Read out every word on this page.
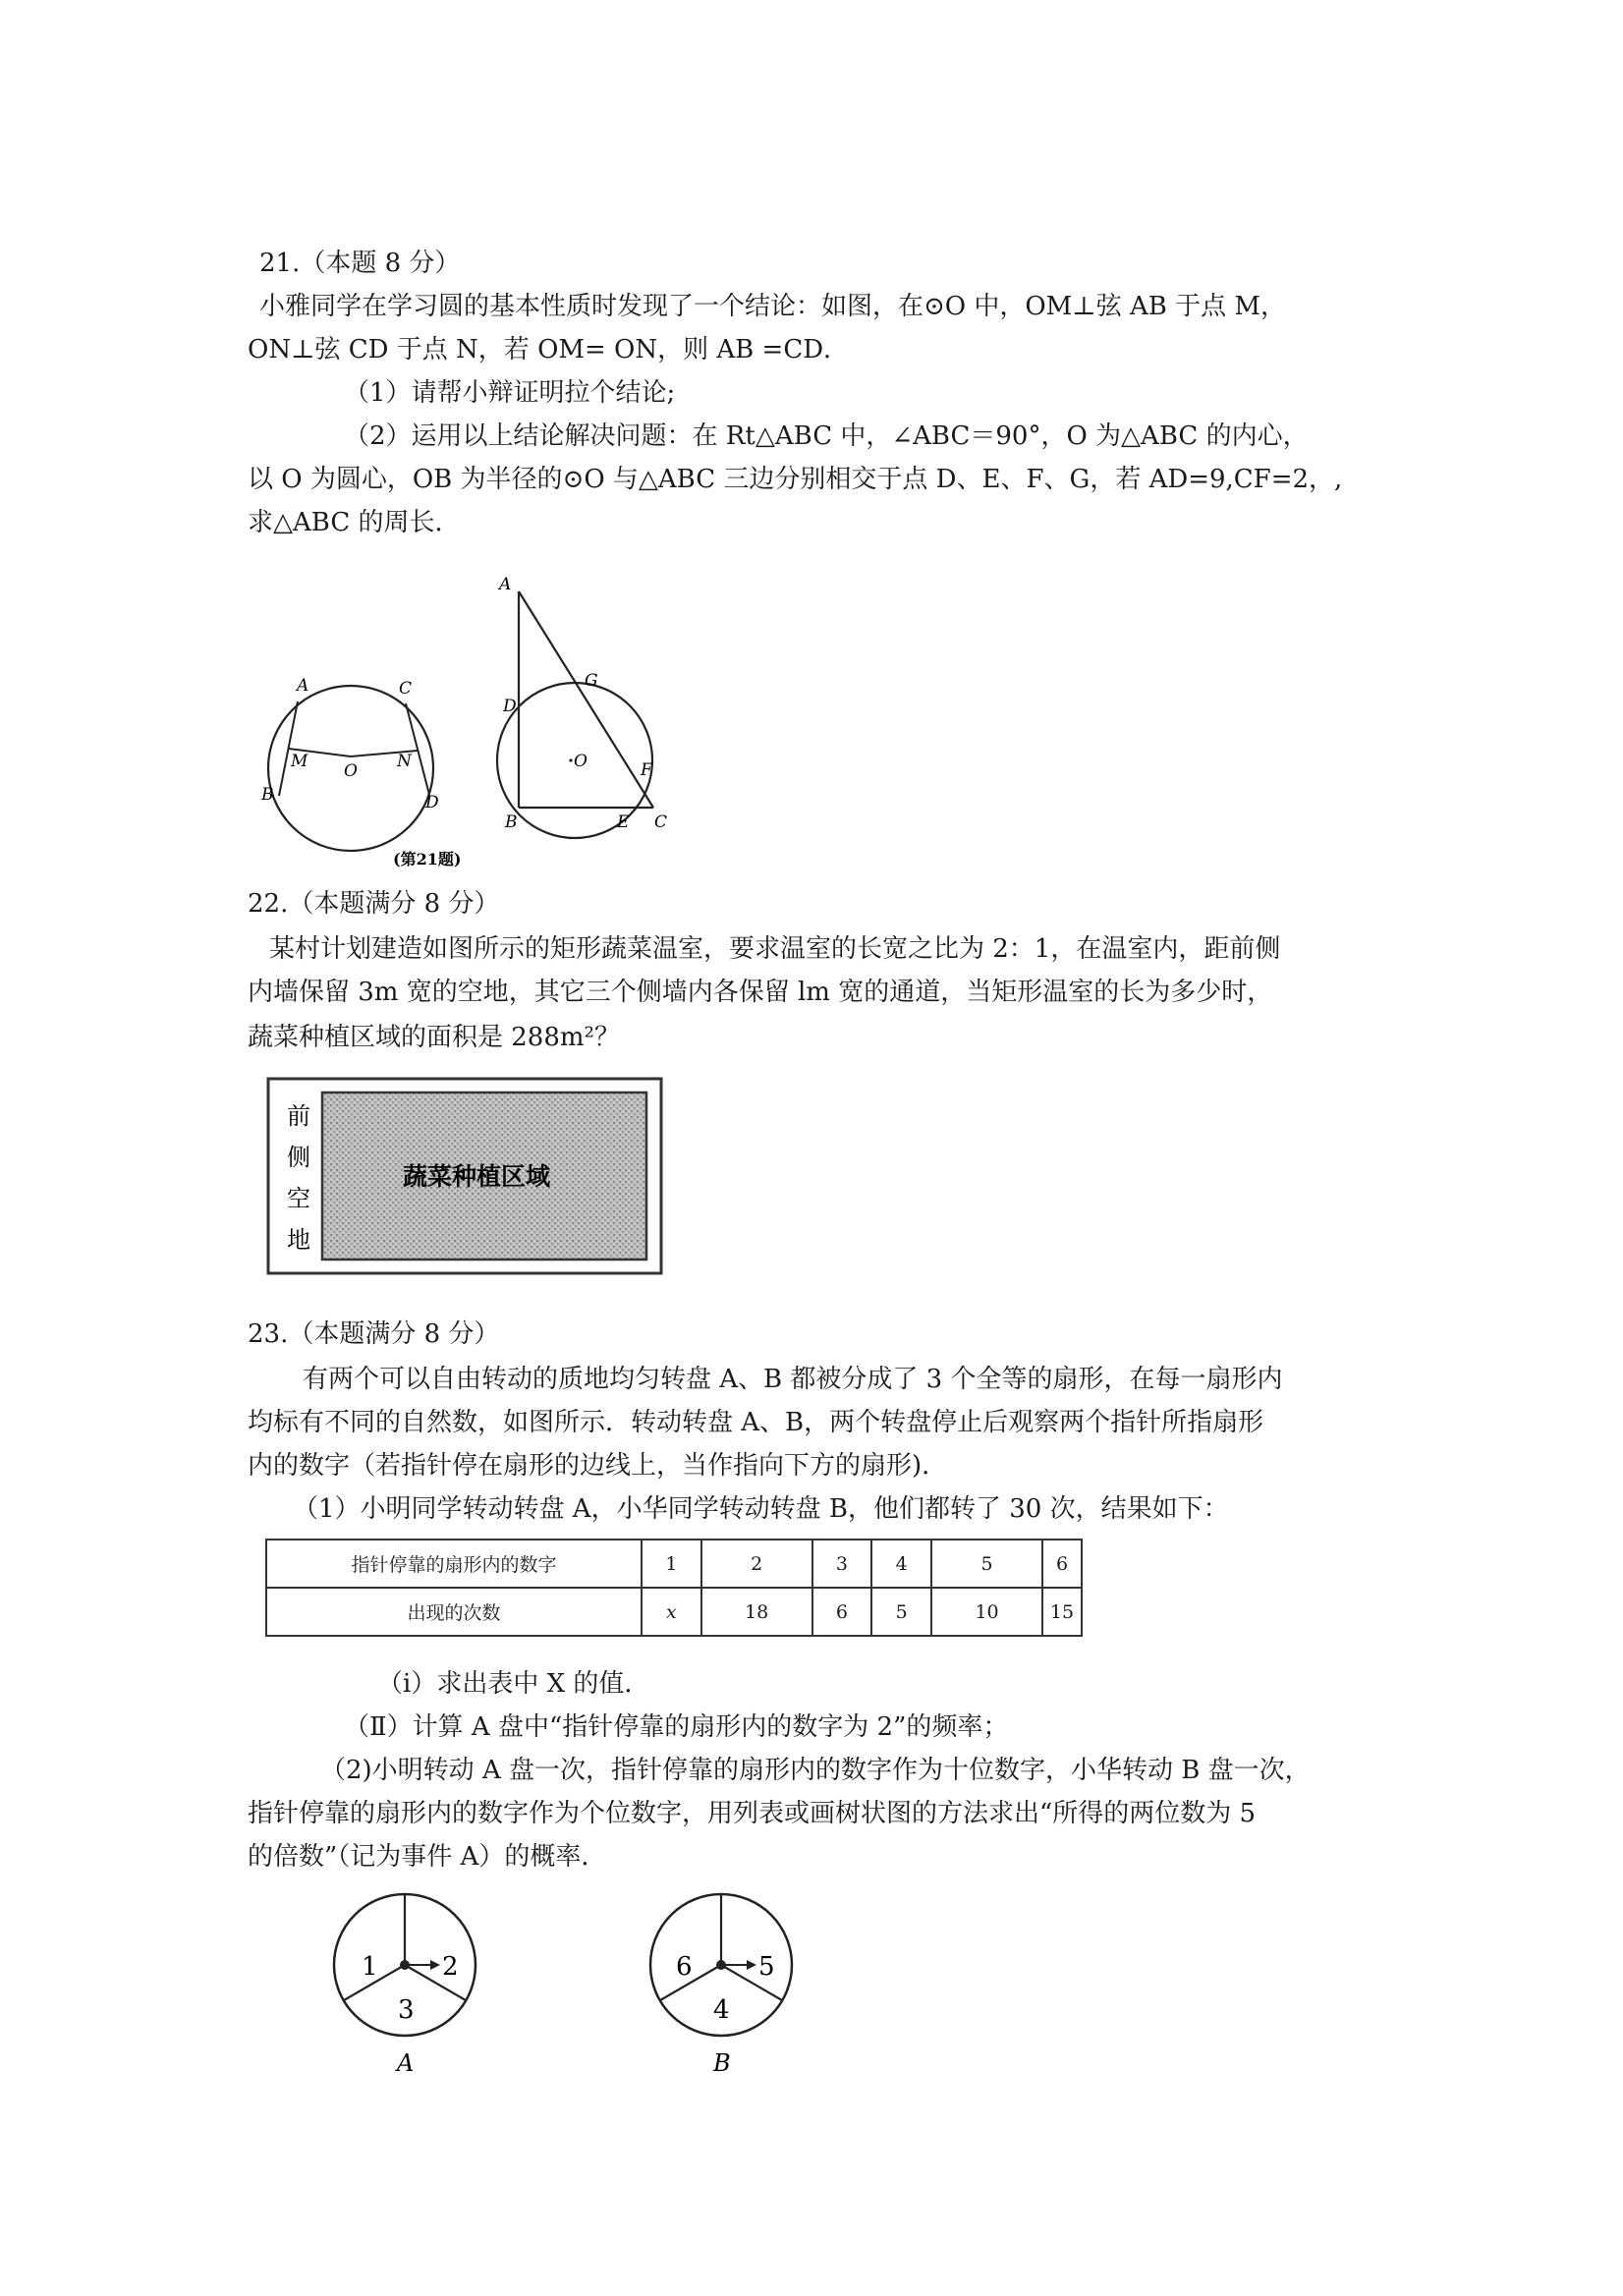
21.（本题 8 分）
小雅同学在学习圆的基本性质时发现了一个结论：如图，在⊙O 中，OM⊥弦 AB 于点 M，
ON⊥弦 CD 于点 N，若 OM= ON，则 AB =CD．
（1）请帮小辩证明拉个结论;
（2）运用以上结论解决问题：在 Rt△ABC 中，∠ABC＝90°，O 为△ABC 的内心，
以 O 为圆心，OB 为半径的⊙O 与△ABC 三边分别相交于点 D、E、F、G，若 AD=9,CF=2，,
求△ABC 的周长．
A	C
B	D
M	N
O
A
D
G
O	F
B	E C
(第21题)
22.（本题满分 8 分）
某村计划建造如图所示的矩形蔬菜温室，要求温室的长宽之比为 2：1，在温室内，距前侧
内墙保留 3m 宽的空地，其它三个侧墙内各保留 lm 宽的通道，当矩形温室的长为多少时，
蔬菜种植区域的面积是 288m²？
前
侧
空
地
蔬菜种植区域
23.（本题满分 8 分）
有两个可以自由转动的质地均匀转盘 A、B 都被分成了 3 个全等的扇形，在每一扇形内
均标有不同的自然数，如图所示．转动转盘 A、B，两个转盘停止后观察两个指针所指扇形
内的数字（若指针停在扇形的边线上，当作指向下方的扇形)．
（1）小明同学转动转盘 A，小华同学转动转盘 B，他们都转了 30 次，结果如下：
指针停靠的扇形内的数字	1	2	3	4	5	6
出现的次数	x	18	6	5	10	15
（i）求出表中 X 的值．
（Ⅱ）计算 A 盘中“指针停靠的扇形内的数字为 2”的频率；
（2)小明转动 A 盘一次，指针停靠的扇形内的数字作为十位数字，小华转动 B 盘一次，
指针停靠的扇形内的数字作为个位数字，用列表或画树状图的方法求出“所得的两位数为 5
的倍数”（记为事件 A）的概率．
1	2
3
A
6	5
4
B
